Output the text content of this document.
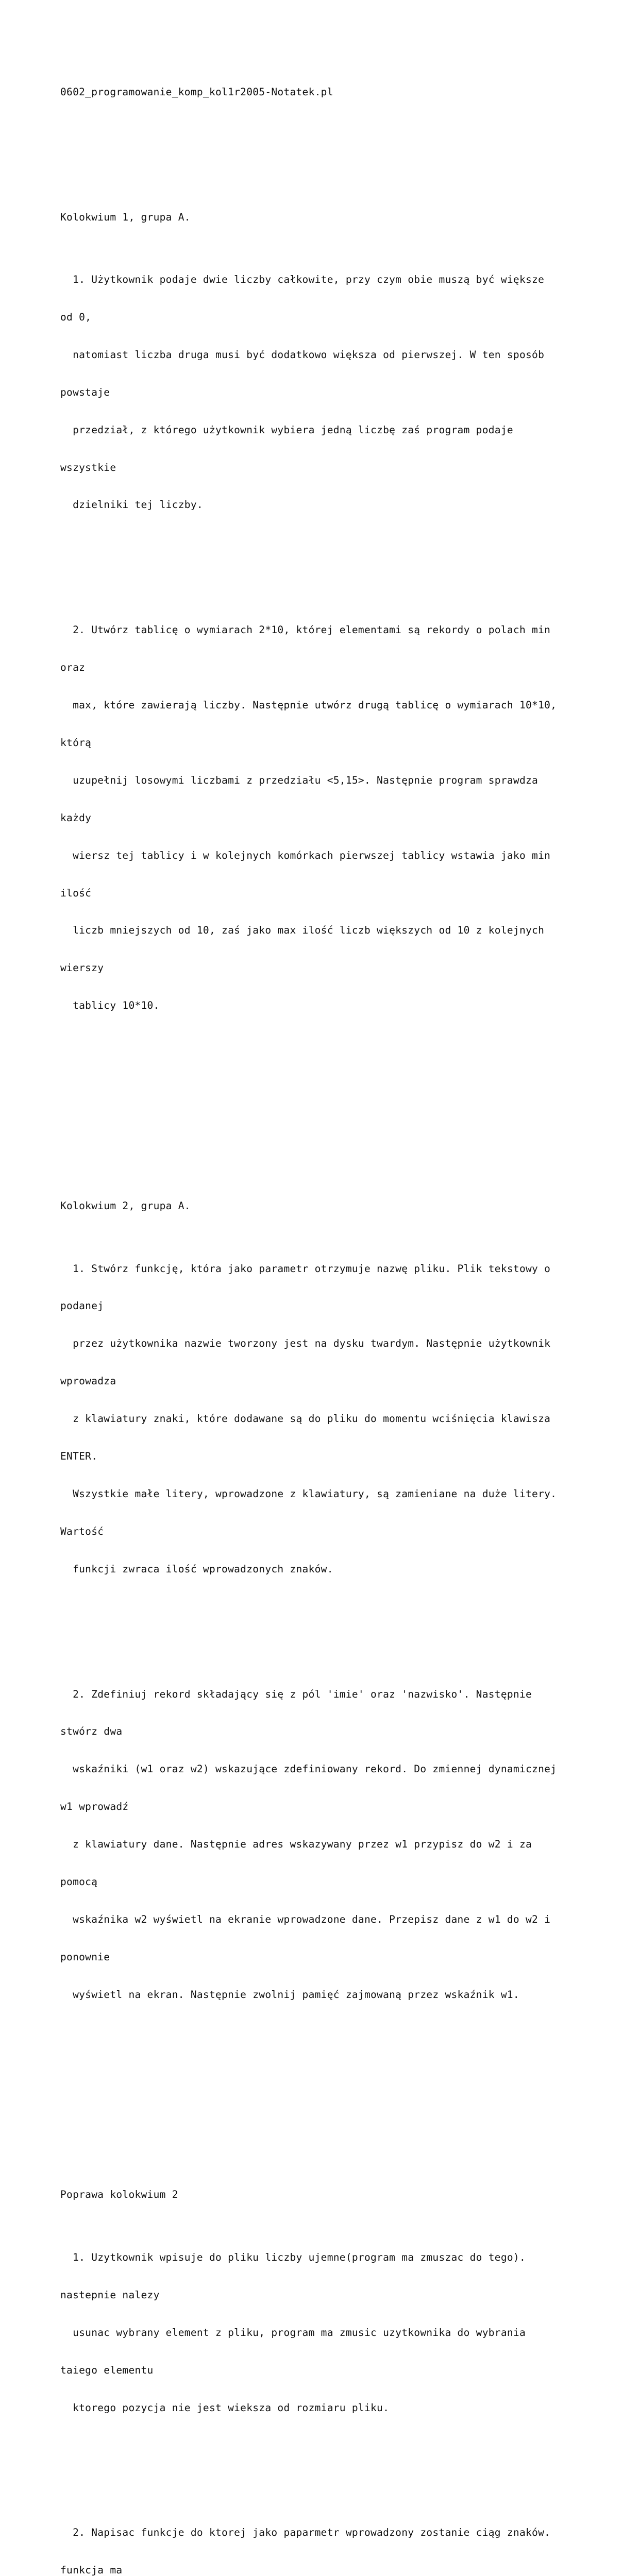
0602_programowanie_komp_kol1r2005-Notatek.pl

Kolokwium 1, grupa A.

1. Użytkownik podaje dwie liczby całkowite, przy czym obie muszą być większe

od 0,

natomiast liczba druga musi być dodatkowo większa od pierwszej. W ten sposób

powstaje

przedział, z którego użytkownik wybiera jedną liczbę zaś program podaje

wszystkie

dzielniki tej liczby.

2. Utwórz tablicę o wymiarach 2*10, której elementami są rekordy o polach min

oraz

max, które zawierają liczby. Następnie utwórz drugą tablicę o wymiarach 10*10,

którą

uzupełnij losowymi liczbami z przedziału <5,15>. Następnie program sprawdza

każdy

wiersz tej tablicy i w kolejnych komórkach pierwszej tablicy wstawia jako min

ilość

liczb mniejszych od 10, zaś jako max ilość liczb większych od 10 z kolejnych

wierszy

tablicy 10*10.

Kolokwium 2, grupa A.

1. Stwórz funkcję, która jako parametr otrzymuje nazwę pliku. Plik tekstowy o

podanej

przez użytkownika nazwie tworzony jest na dysku twardym. Następnie użytkownik

wprowadza

z klawiatury znaki, które dodawane są do pliku do momentu wciśnięcia klawisza

ENTER.

Wszystkie małe litery, wprowadzone z klawiatury, są zamieniane na duże litery.

Wartość

funkcji zwraca ilość wprowadzonych znaków.

2. Zdefiniuj rekord składający się z pól 'imie' oraz 'nazwisko'. Następnie

stwórz dwa

wskaźniki (w1 oraz w2) wskazujące zdefiniowany rekord. Do zmiennej dynamicznej

w1 wprowadź

z klawiatury dane. Następnie adres wskazywany przez w1 przypisz do w2 i za

pomocą

wskaźnika w2 wyświetl na ekranie wprowadzone dane. Przepisz dane z w1 do w2 i

ponownie

wyświetl na ekran. Następnie zwolnij pamięć zajmowaną przez wskaźnik w1.

Poprawa kolokwium 2

1. Uzytkownik wpisuje do pliku liczby ujemne(program ma zmuszac do tego).

nastepnie nalezy

usunac wybrany element z pliku, program ma zmusic uzytkownika do wybrania

taiego elementu

ktorego pozycja nie jest wieksza od rozmiaru pliku.

2. Napisac funkcje do ktorej jako paparmetr wprowadzony zostanie ciąg znaków.

funkcja ma
